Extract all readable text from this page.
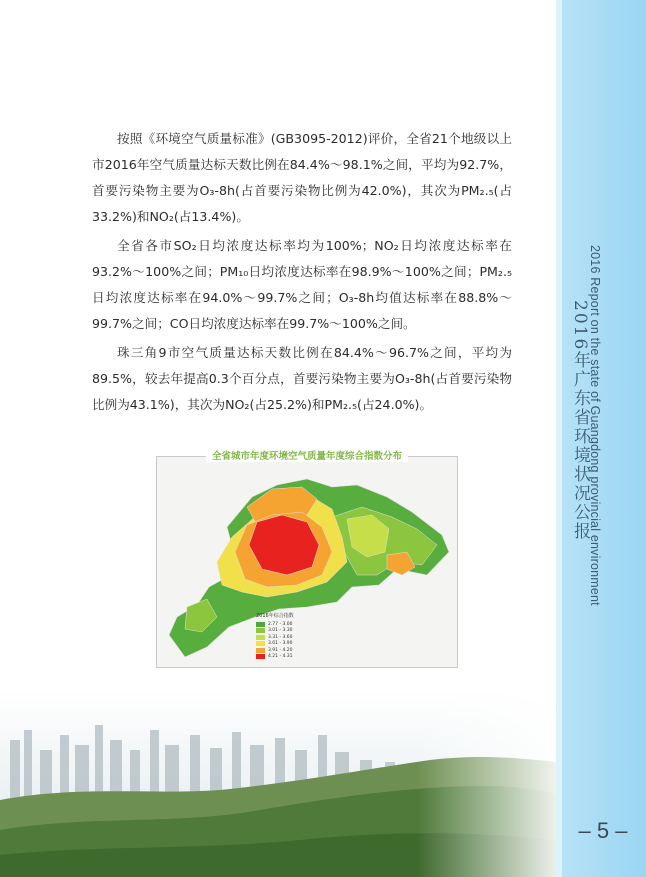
2016 Report on the state of Guangdong provincial environment
2016年广东省环境状况公报
– 5 –

按照《环境空气质量标准》(GB3095-2012)评价，全省21个地级以上市2016年空气质量达标天数比例在84.4%～98.1%之间，平均为92.7%，首要污染物主要为O₃-8h(占首要污染物比例为42.0%)，其次为PM₂.₅(占33.2%)和NO₂(占13.4%)。

全省各市SO₂日均浓度达标率均为100%；NO₂日均浓度达标率在93.2%～100%之间；PM₁₀日均浓度达标率在98.9%～100%之间；PM₂.₅日均浓度达标率在94.0%～99.7%之间；O₃-8h均值达标率在88.8%～99.7%之间；CO日均浓度达标率在99.7%～100%之间。

珠三角9市空气质量达标天数比例在84.4%～96.7%之间，平均为89.5%，较去年提高0.3个百分点，首要污染物主要为O₃-8h(占首要污染物比例为43.1%)，其次为NO₂(占25.2%)和PM₂.₅(占24.0%)。

全省城市年度环境空气质量年度综合指数分布
2016年综合指数
2.77 - 3.00
3.01 - 3.30
3.31 - 3.60
3.61 - 3.90
3.91 - 4.20
4.21 - 4.31
